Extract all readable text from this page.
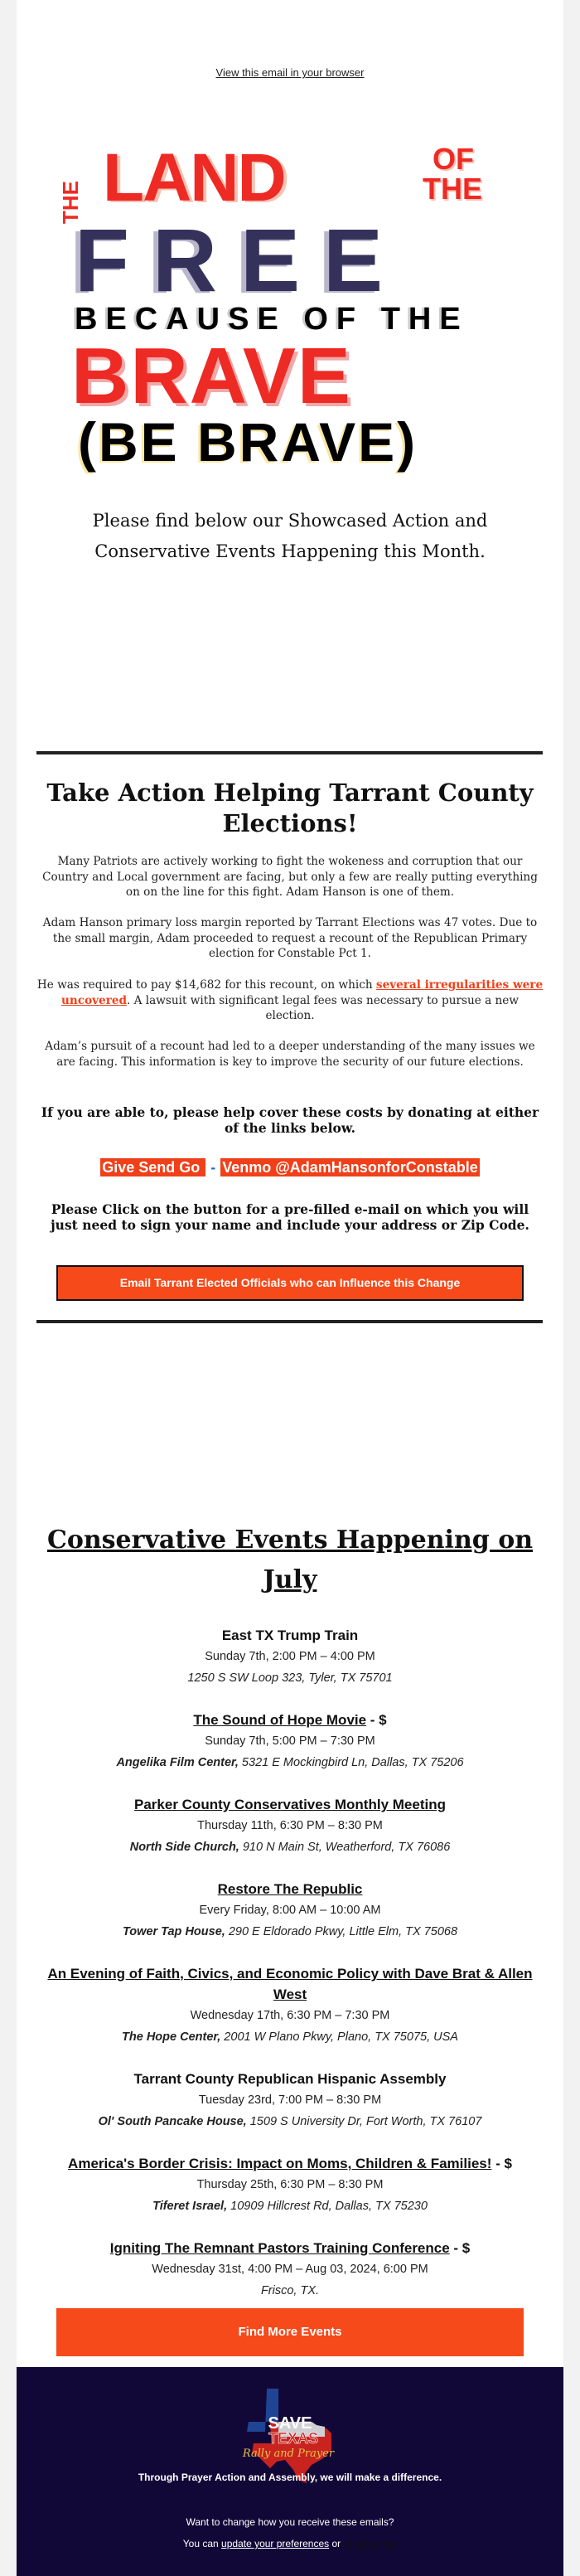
View this email in your browser
THE LAND	OF
THE
FREE
BECAUSE OF THE
BRAVE
(BE BRAVE)
Please find below our Showcased Action and Conservative Events Happening this Month.
Take Action Helping Tarrant County Elections!

Many Patriots are actively working to fight the wokeness and corruption that our Country and Local government are facing, but only a few are really putting everything on on the line for this fight. Adam Hanson is one of them.

Adam Hanson primary loss margin reported by Tarrant Elections was 47 votes. Due to the small margin, Adam proceeded to request a recount of the Republican Primary election for Constable Pct 1.

He was required to pay $14,682 for this recount, on which several irregularities were uncovered. A lawsuit with significant legal fees was necessary to pursue a new election.

Adam’s pursuit of a recount had led to a deeper understanding of the many issues we are facing. This information is key to improve the security of our future elections.

If you are able to, please help cover these costs by donating at either of the links below.

Give Send Go - Venmo @AdamHansonforConstable

Please Click on the button for a pre-filled e-mail on which you will just need to sign your name and include your address or Zip Code.

Email Tarrant Elected Officials who can Influence this Change
Conservative Events Happening on July
East TX Trump Train
Sunday 7th, 2:00 PM – 4:00 PM
1250 S SW Loop 323, Tyler, TX 75701
The Sound of Hope Movie - $
Sunday 7th, 5:00 PM – 7:30 PM
Angelika Film Center, 5321 E Mockingbird Ln, Dallas, TX 75206
Parker County Conservatives Monthly Meeting
Thursday 11th, 6:30 PM – 8:30 PM
North Side Church, 910 N Main St, Weatherford, TX 76086
Restore The Republic
Every Friday, 8:00 AM – 10:00 AM
Tower Tap House, 290 E Eldorado Pkwy, Little Elm, TX 75068
An Evening of Faith, Civics, and Economic Policy with Dave Brat & Allen West
Wednesday 17th, 6:30 PM – 7:30 PM
The Hope Center, 2001 W Plano Pkwy, Plano, TX 75075, USA
Tarrant County Republican Hispanic Assembly
Tuesday 23rd, 7:00 PM – 8:30 PM
Ol' South Pancake House, 1509 S University Dr, Fort Worth, TX 76107
America's Border Crisis: Impact on Moms, Children & Families! - $
Thursday 25th, 6:30 PM – 8:30 PM
Tiferet Israel, 10909 Hillcrest Rd, Dallas, TX 75230
Igniting The Remnant Pastors Training Conference - $
Wednesday 31st, 4:00 PM – Aug 03, 2024, 6:00 PM
Frisco, TX.
Find More Events
SAVE
TEXAS
Rally and Prayer
Through Prayer Action and Assembly, we will make a difference.
Want to change how you receive these emails?
You can update your preferences or unsubscribe
